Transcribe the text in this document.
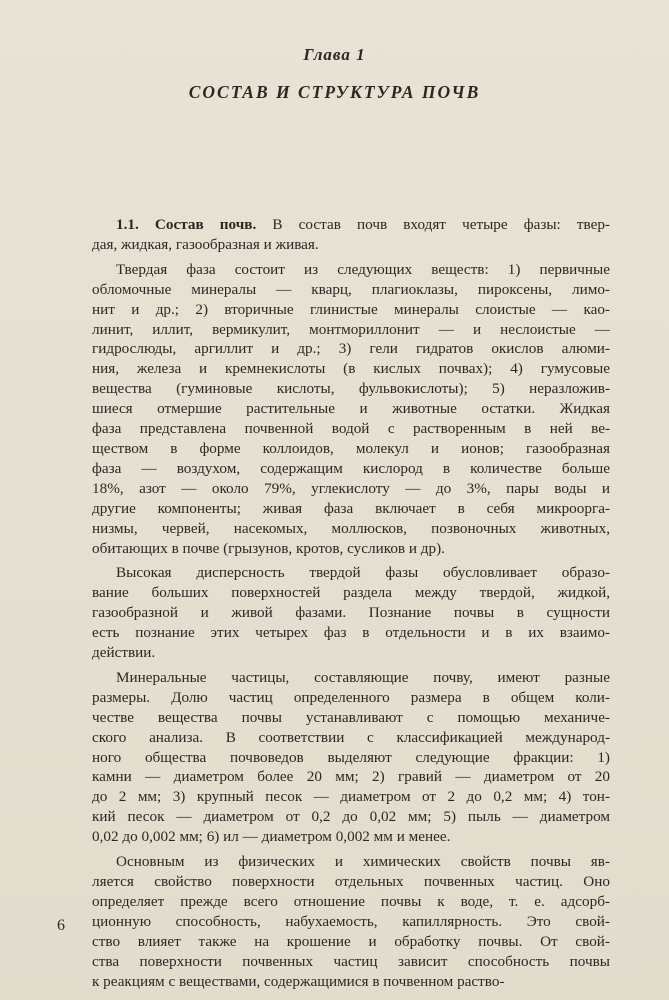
Глава 1
СОСТАВ И СТРУКТУРА ПОЧВ
1.1. Состав почв. В состав почв входят четыре фазы: твер-
дая, жидкая, газообразная и живая.
Твердая фаза состоит из следующих веществ: 1) первичные
обломочные минералы — кварц, плагиоклазы, пироксены, лимо-
нит и др.; 2) вторичные глинистые минералы слоистые — као-
линит, иллит, вермикулит, монтмориллонит — и неслоистые —
гидрослюды, аргиллит и др.; 3) гели гидратов окислов алюми-
ния, железа и кремнекислоты (в кислых почвах); 4) гумусовые
вещества (гуминовые кислоты, фульвокислоты); 5) неразложив-
шиеся отмершие растительные и животные остатки. Жидкая
фаза представлена почвенной водой с растворенным в ней ве-
ществом в форме коллоидов, молекул и ионов; газообразная
фаза — воздухом, содержащим кислород в количестве больше
18%, азот — около 79%, углекислоту — до 3%, пары воды и
другие компоненты; живая фаза включает в себя микроорга-
низмы, червей, насекомых, моллюсков, позвоночных животных,
обитающих в почве (грызунов, кротов, сусликов и др).
Высокая дисперсность твердой фазы обусловливает образо-
вание больших поверхностей раздела между твердой, жидкой,
газообразной и живой фазами. Познание почвы в сущности
есть познание этих четырех фаз в отдельности и в их взаимо-
действии.
Минеральные частицы, составляющие почву, имеют разные
размеры. Долю частиц определенного размера в общем коли-
честве вещества почвы устанавливают с помощью механиче-
ского анализа. В соответствии с классификацией международ-
ного общества почвоведов выделяют следующие фракции: 1)
камни — диаметром более 20 мм; 2) гравий — диаметром от 20
до 2 мм; 3) крупный песок — диаметром от 2 до 0,2 мм; 4) тон-
кий песок — диаметром от 0,2 до 0,02 мм; 5) пыль — диаметром
0,02 до 0,002 мм; 6) ил — диаметром 0,002 мм и менее.
Основным из физических и химических свойств почвы яв-
ляется свойство поверхности отдельных почвенных частиц. Оно
определяет прежде всего отношение почвы к воде, т. е. адсорб-
ционную способность, набухаемость, капиллярность. Это свой-
ство влияет также на крошение и обработку почвы. От свой-
ства поверхности почвенных частиц зависит способность почвы
к реакциям с веществами, содержащимися в почвенном раство-
6
